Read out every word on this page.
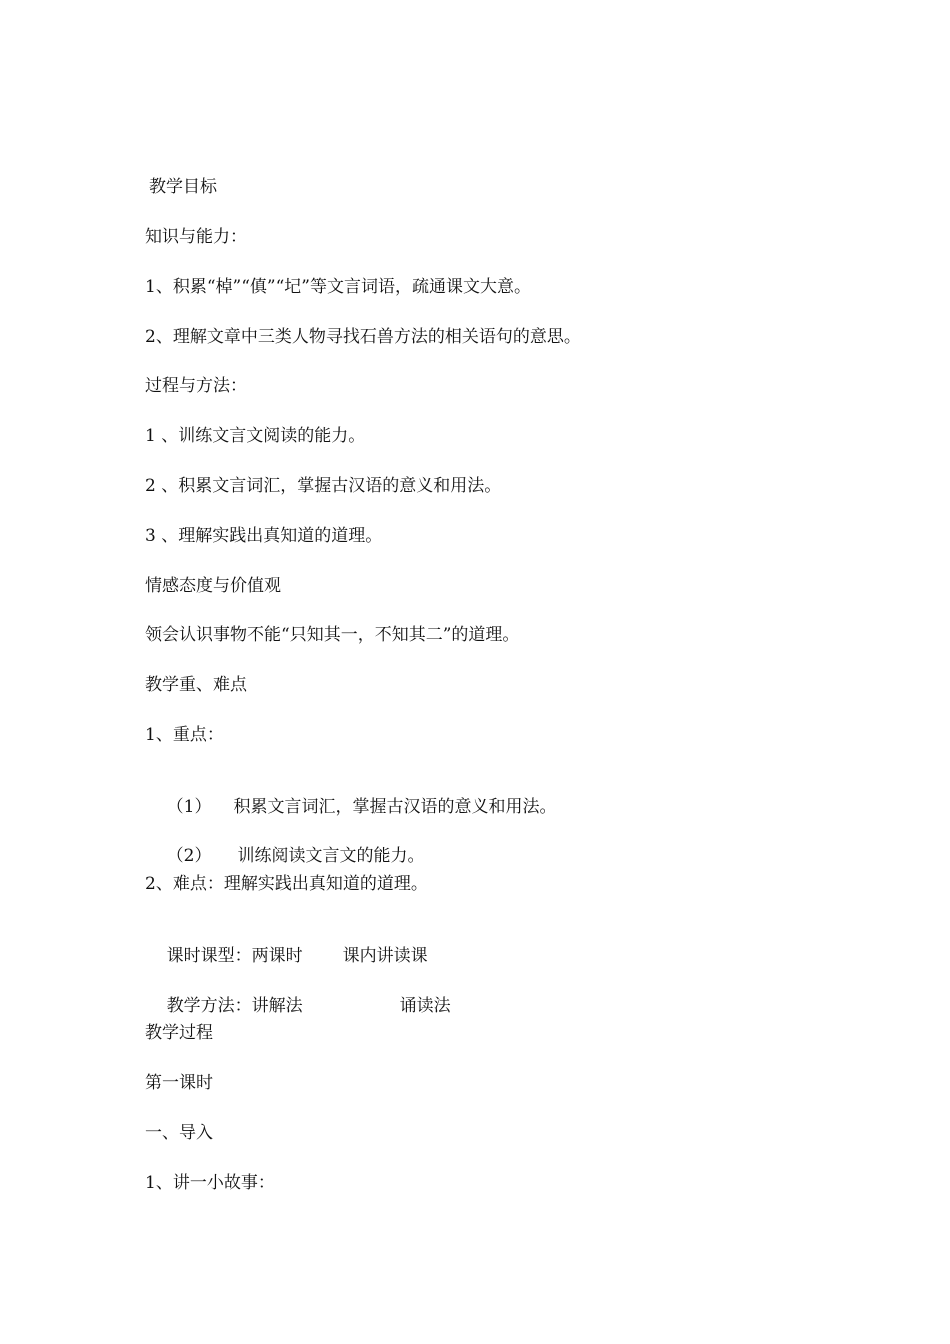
教学目标
知识与能力：
1、积累“棹”“傎”“圮”等文言词语，疏通课文大意。
2、理解文章中三类人物寻找石兽方法的相关语句的意思。
过程与方法：
1 、训练文言文阅读的能力。
2 、积累文言词汇，掌握古汉语的意义和用法。
3 、理解实践出真知道的道理。
情感态度与价值观
领会认识事物不能“只知其一，不知其二”的道理。
教学重、难点
1、重点：

（1） 积累文言词汇，掌握古汉语的意义和用法。

（2） 训练阅读文言文的能力。

2、难点：理解实践出真知道的道理。

课时课型：两课时 课内讲读课

教学方法：讲解法	诵读法

教学过程
第一课时
一、导入
1、讲一小故事：
